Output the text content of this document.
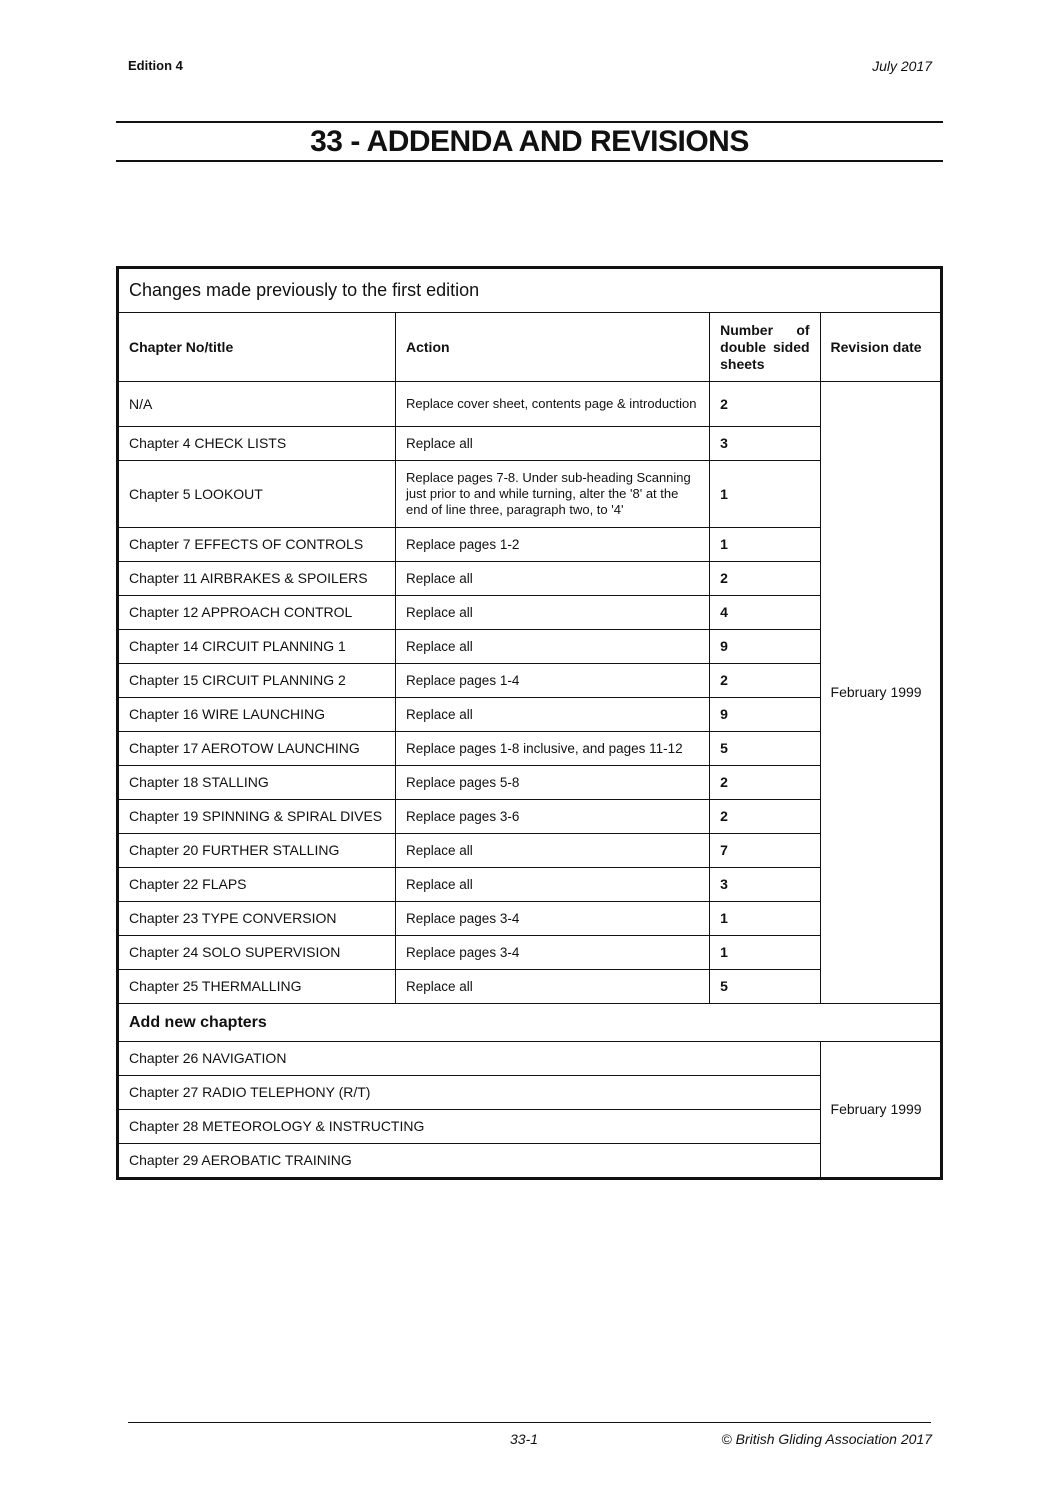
Edition 4	July 2017
33 - ADDENDA AND REVISIONS
Changes made previously to the first edition			
Chapter No/title	Action	Number of double sided sheets	Revision date
N/A	Replace cover sheet, contents page & introduction	2	February 1999
Chapter 4 CHECK LISTS	Replace all	3	
Chapter 5 LOOKOUT	Replace pages 7-8. Under sub-heading Scanning just prior to and while turning, alter the '8' at the end of line three, paragraph two, to '4'	1	
Chapter 7 EFFECTS OF CONTROLS	Replace pages 1-2	1	
Chapter 11 AIRBRAKES & SPOILERS	Replace all	2	
Chapter 12 APPROACH CONTROL	Replace all	4	
Chapter 14 CIRCUIT PLANNING 1	Replace all	9	
Chapter 15 CIRCUIT PLANNING 2	Replace pages 1-4	2	
Chapter 16 WIRE LAUNCHING	Replace all	9	
Chapter 17 AEROTOW LAUNCHING	Replace pages 1-8 inclusive, and pages 11-12	5	
Chapter 18 STALLING	Replace pages 5-8	2	
Chapter 19 SPINNING & SPIRAL DIVES	Replace pages 3-6	2	
Chapter 20 FURTHER STALLING	Replace all	7	
Chapter 22 FLAPS	Replace all	3	
Chapter 23 TYPE CONVERSION	Replace pages 3-4	1	
Chapter 24 SOLO SUPERVISION	Replace pages 3-4	1	
Chapter 25 THERMALLING	Replace all	5	
Add new chapters			
Chapter 26 NAVIGATION			February 1999
Chapter 27 RADIO TELEPHONY (R/T)			
Chapter 28 METEOROLOGY & INSTRUCTING			
Chapter 29 AEROBATIC TRAINING			
33-1	© British Gliding Association 2017
